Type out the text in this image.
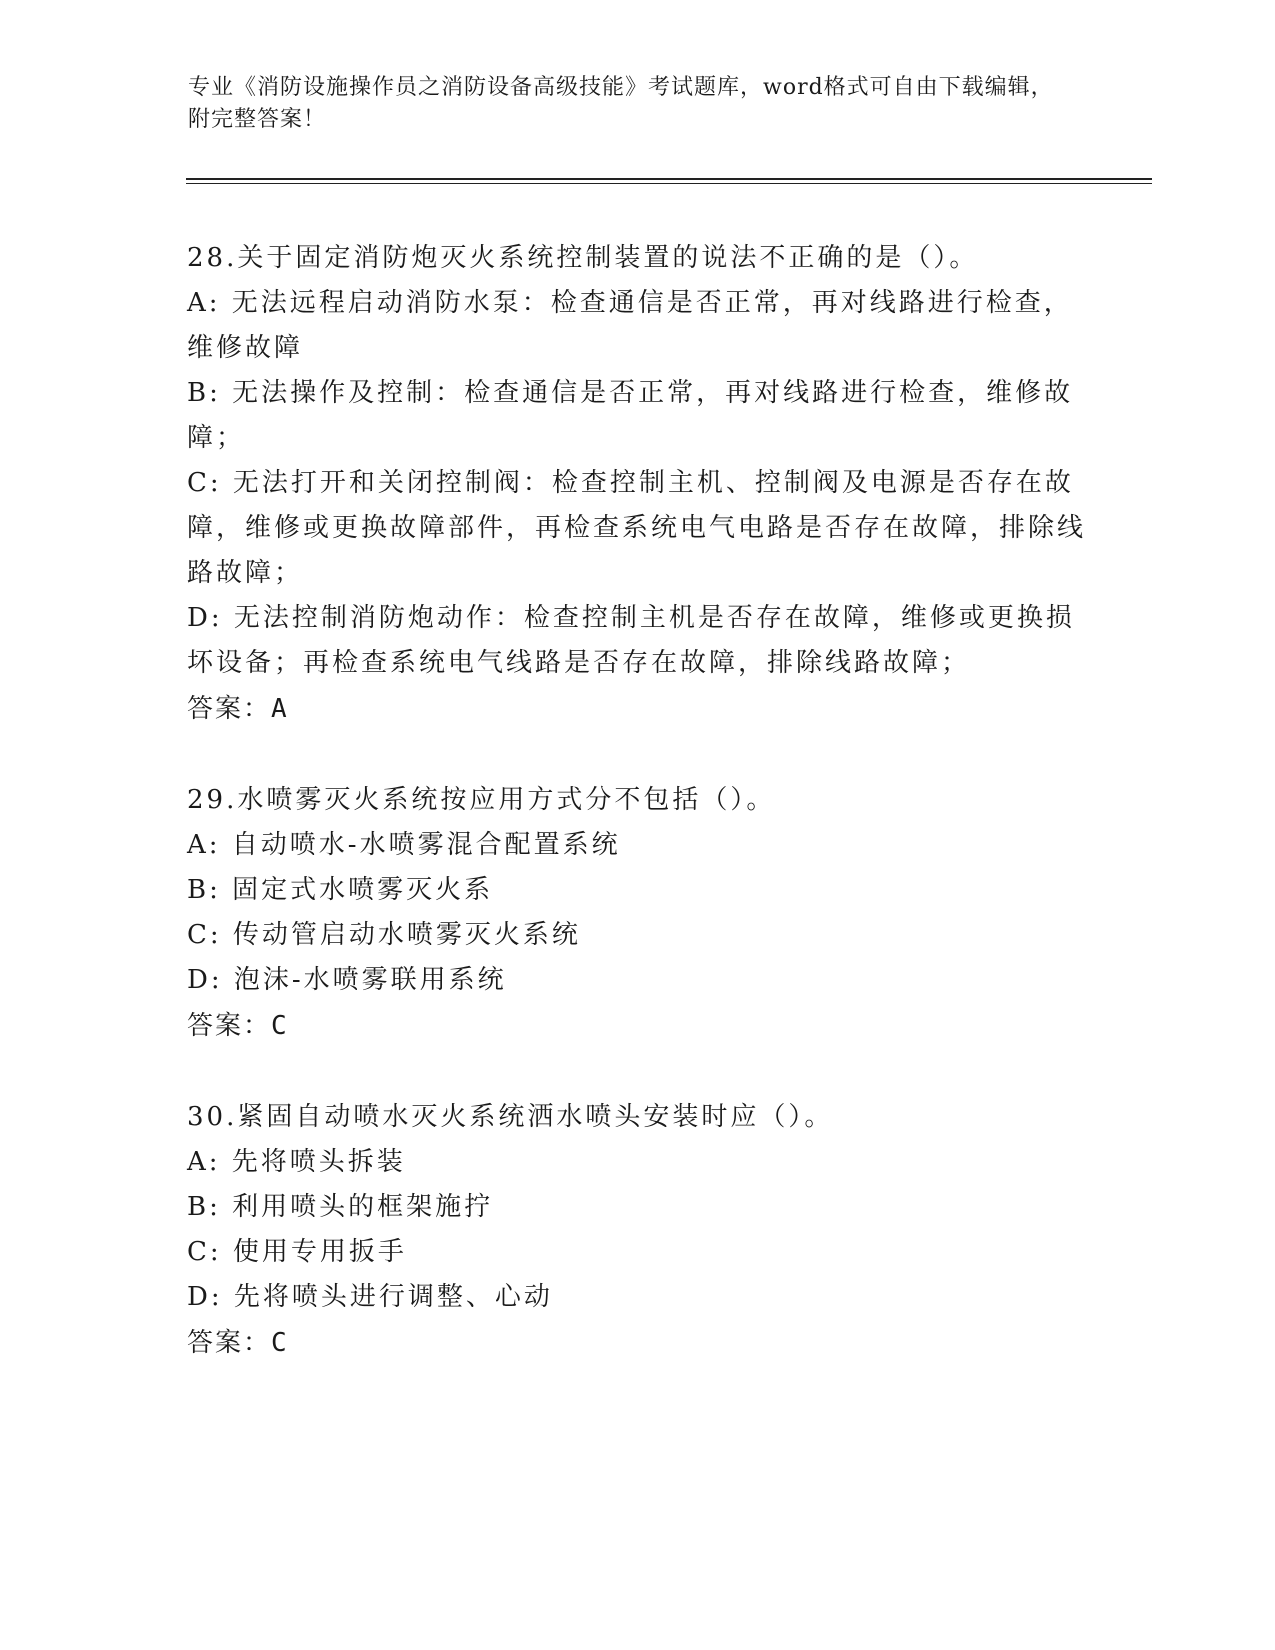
专业《消防设施操作员之消防设备高级技能》考试题库，word格式可自由下载编辑，附完整答案！

28.关于固定消防炮灭火系统控制装置的说法不正确的是（）。

A: 无法远程启动消防水泵：检查通信是否正常，再对线路进行检查，维修故障

B: 无法操作及控制：检查通信是否正常，再对线路进行检查，维修故障；

C: 无法打开和关闭控制阀：检查控制主机、控制阀及电源是否存在故障，维修或更换故障部件，再检查系统电气电路是否存在故障，排除线路故障；

D: 无法控制消防炮动作：检查控制主机是否存在故障，维修或更换损坏设备；再检查系统电气线路是否存在故障，排除线路故障；

答案：A

29.水喷雾灭火系统按应用方式分不包括（）。

A: 自动喷水-水喷雾混合配置系统

B: 固定式水喷雾灭火系

C: 传动管启动水喷雾灭火系统

D: 泡沫-水喷雾联用系统

答案：C

30.紧固自动喷水灭火系统洒水喷头安装时应（）。

A: 先将喷头拆装

B: 利用喷头的框架施拧

C: 使用专用扳手

D: 先将喷头进行调整、心动

答案：C
